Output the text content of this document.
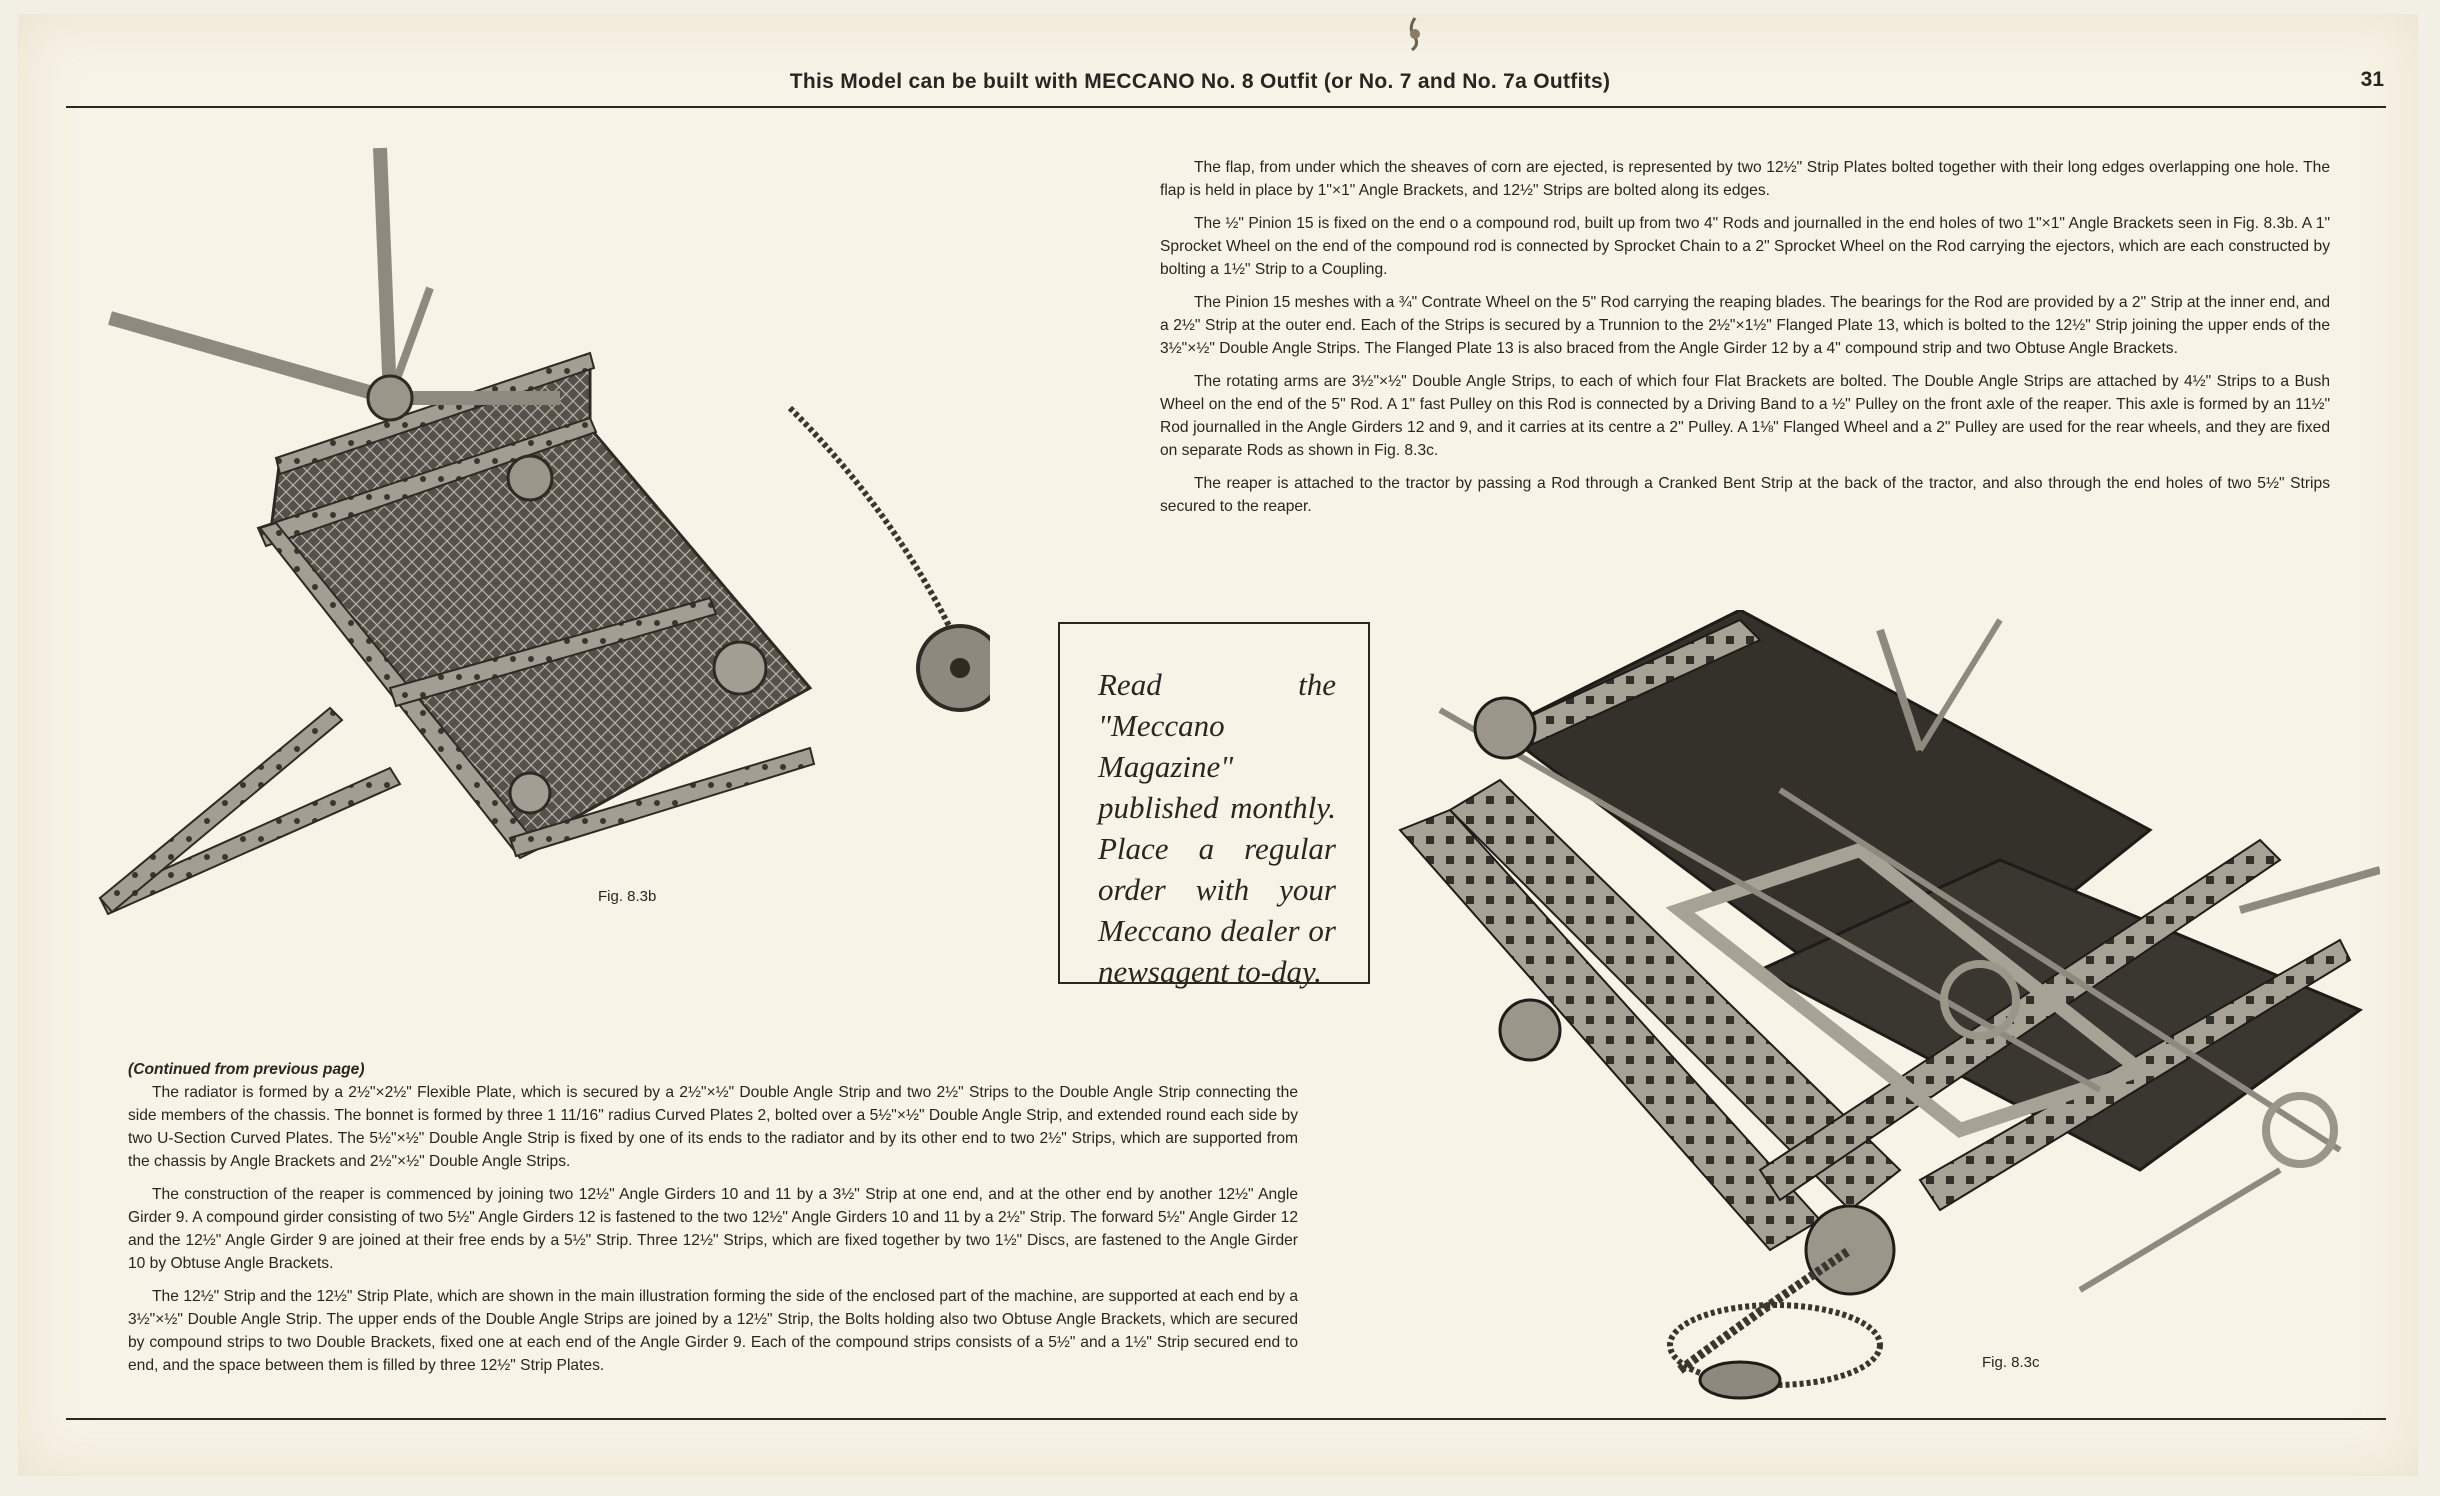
This Model can be built with MECCANO No. 8 Outfit (or No. 7 and No. 7a Outfits)	31

The flap, from under which the sheaves of corn are ejected, is represented by two 12½" Strip Plates bolted together with their long edges overlapping one hole. The flap is held in place by 1"×1" Angle Brackets, and 12½" Strips are bolted along its edges.

The ½" Pinion 15 is fixed on the end o a compound rod, built up from two 4" Rods and journalled in the end holes of two 1"×1" Angle Brackets seen in Fig. 8.3b. A 1" Sprocket Wheel on the end of the compound rod is connected by Sprocket Chain to a 2" Sprocket Wheel on the Rod carrying the ejectors, which are each constructed by bolting a 1½" Strip to a Coupling.

The Pinion 15 meshes with a ¾" Contrate Wheel on the 5" Rod carrying the reaping blades. The bearings for the Rod are provided by a 2" Strip at the inner end, and a 2½" Strip at the outer end. Each of the Strips is secured by a Trunnion to the 2½"×1½" Flanged Plate 13, which is bolted to the 12½" Strip joining the upper ends of the 3½"×½" Double Angle Strips. The Flanged Plate 13 is also braced from the Angle Girder 12 by a 4" compound strip and two Obtuse Angle Brackets.

The rotating arms are 3½"×½" Double Angle Strips, to each of which four Flat Brackets are bolted. The Double Angle Strips are attached by 4½" Strips to a Bush Wheel on the end of the 5" Rod. A 1" fast Pulley on this Rod is connected by a Driving Band to a ½" Pulley on the front axle of the reaper. This axle is formed by an 11½" Rod journalled in the Angle Girders 12 and 9, and it carries at its centre a 2" Pulley. A 1⅛" Flanged Wheel and a 2" Pulley are used for the rear wheels, and they are fixed on separate Rods as shown in Fig. 8.3c.

The reaper is attached to the tractor by passing a Rod through a Cranked Bent Strip at the back of the tractor, and also through the end holes of two 5½" Strips secured to the reaper.

Read the "Meccano Magazine" published monthly. Place a regular order with your Meccano dealer or newsagent to-day.

(Continued from previous page)

The radiator is formed by a 2½"×2½" Flexible Plate, which is secured by a 2½"×½" Double Angle Strip and two 2½" Strips to the Double Angle Strip connecting the side members of the chassis. The bonnet is formed by three 1 11/16" radius Curved Plates 2, bolted over a 5½"×½" Double Angle Strip, and extended round each side by two U-Section Curved Plates. The 5½"×½" Double Angle Strip is fixed by one of its ends to the radiator and by its other end to two 2½" Strips, which are supported from the chassis by Angle Brackets and 2½"×½" Double Angle Strips.

The construction of the reaper is commenced by joining two 12½" Angle Girders 10 and 11 by a 3½" Strip at one end, and at the other end by another 12½" Angle Girder 9. A compound girder consisting of two 5½" Angle Girders 12 is fastened to the two 12½" Angle Girders 10 and 11 by a 2½" Strip. The forward 5½" Angle Girder 12 and the 12½" Angle Girder 9 are joined at their free ends by a 5½" Strip. Three 12½" Strips, which are fixed together by two 1½" Discs, are fastened to the Angle Girder 10 by Obtuse Angle Brackets.

The 12½" Strip and the 12½" Strip Plate, which are shown in the main illustration forming the side of the enclosed part of the machine, are supported at each end by a 3½"×½" Double Angle Strip. The upper ends of the Double Angle Strips are joined by a 12½" Strip, the Bolts holding also two Obtuse Angle Brackets, which are secured by compound strips to two Double Brackets, fixed one at each end of the Angle Girder 9. Each of the compound strips consists of a 5½" and a 1½" Strip secured end to end, and the space between them is filled by three 12½" Strip Plates.

Fig. 8.3b
Fig. 8.3c
